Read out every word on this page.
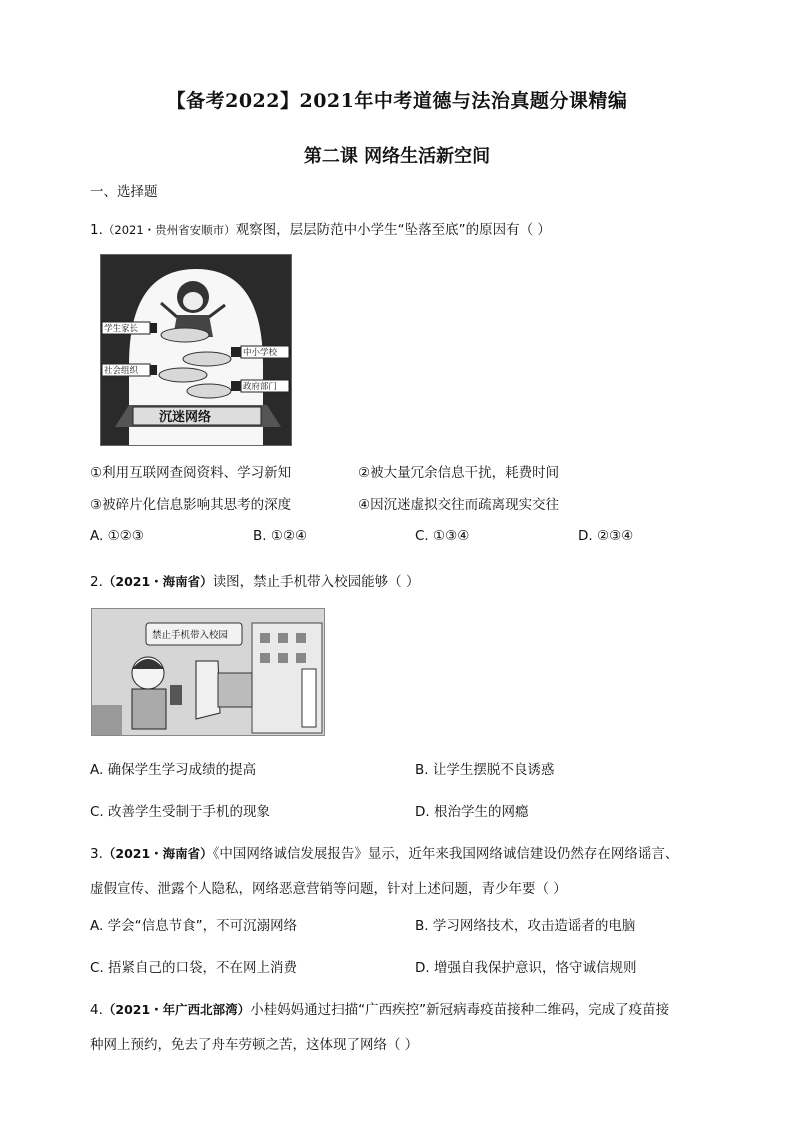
【备考2022】2021年中考道德与法治真题分课精编
第二课 网络生活新空间
一、选择题
1.（2021・贵州省安顺市）观察图，层层防范中小学生“坠落至底”的原因有（ ）
学生家长
中小学校
社会组织
政府部门
沉迷网络
①利用互联网查阅资料、学习新知	②被大量冗余信息干扰，耗费时间
③被碎片化信息影响其思考的深度	④因沉迷虚拟交往而疏离现实交往
A. ①②③	B. ①②④	C. ①③④	D. ②③④
2.（2021・海南省）读图，禁止手机带入校园能够（ ）
禁止手机带入校园
A. 确保学生学习成绩的提高	B. 让学生摆脱不良诱惑
C. 改善学生受制于手机的现象	D. 根治学生的网瘾
3.（2021・海南省）《中国网络诚信发展报告》显示，近年来我国网络诚信建设仍然存在网络谣言、
虚假宣传、泄露个人隐私，网络恶意营销等问题，针对上述问题，青少年要（ ）
A. 学会“信息节食”，不可沉溺网络	B. 学习网络技术，攻击造谣者的电脑
C. 捂紧自己的口袋，不在网上消费	D. 增强自我保护意识，恪守诚信规则
4.（2021・年广西北部湾）小桂妈妈通过扫描“广西疾控”新冠病毒疫苗接种二维码，完成了疫苗接
种网上预约，免去了舟车劳顿之苦，这体现了网络（ ）
